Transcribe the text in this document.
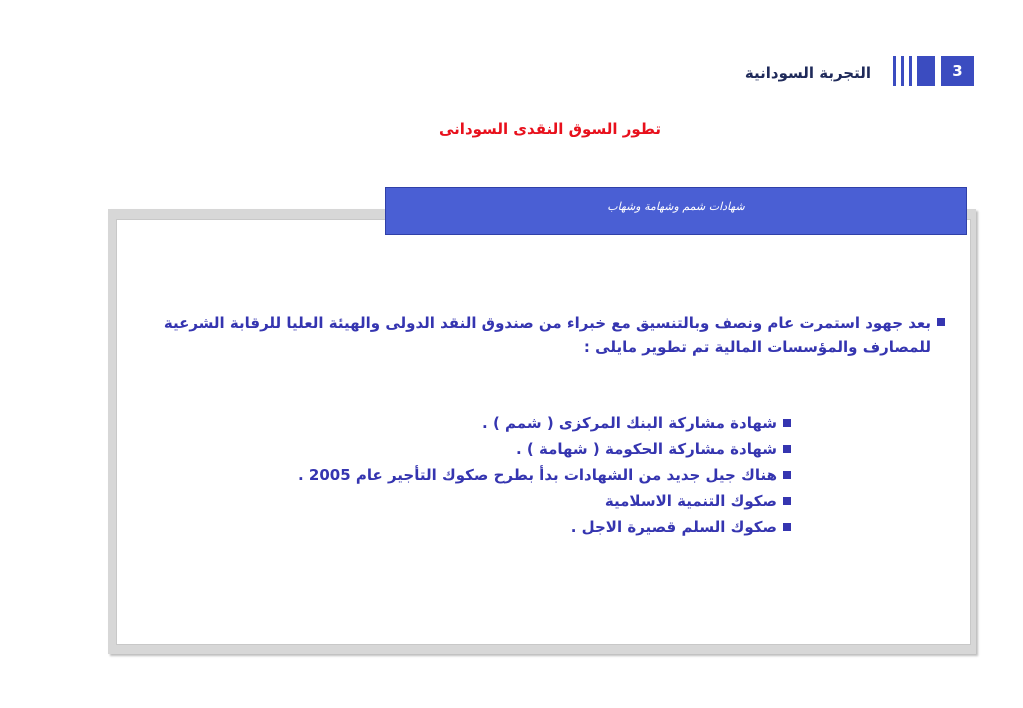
التجربة السودانية	3
تطور السوق النقدى السودانى
شهادات شمم وشهامة وشهاب
بعد جهود استمرت عام ونصف وبالتنسيق مع خبراء من صندوق النقد الدولى والهيئة العليا للرقابة الشرعية للمصارف والمؤسسات المالية تم تطوير مايلى :
شهادة مشاركة البنك المركزى ( شمم ) .
شهادة مشاركة الحكومة ( شهامة ) .
هناك جيل جديد من الشهادات بدأ بطرح صكوك التأجير عام 2005 .
صكوك التنمية الاسلامية
صكوك السلم قصيرة الاجل .
